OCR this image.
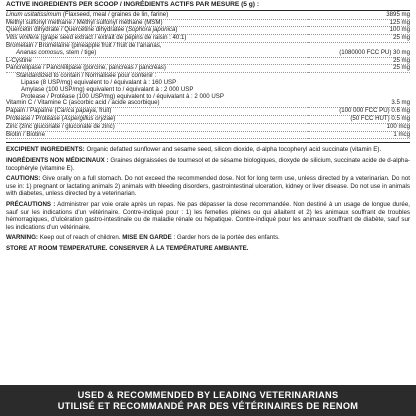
ACTIVE INGREDIENTS PER SCOOP / INGRÉDIENTS ACTIFS PAR MESURE (5 g) :
Linum usitatissimum (Flaxseed, meal / graines de lin, farine)	3895 mg
Methyl sulfonyl methane / Méthyl sulfonyl méthane (MSM)	125 mg
Quercetin dihydrate / Quercétine dihydratée (Sophora japonica)	100 mg
Vitis vinifera (grape seed extract / extrait de pépins de raisin : 40:1)	25 mg
Bromelain / Bromélaïne (pineapple fruit / fruit de l’ananas,	
Ananas comosus, stem / tige)	(1080000 FCC PU) 30 mg
L-Cystine	25 mg
Pancrelipase / Pancrélipase (porcine, pancreas / pancréas)	25 mg
Standardized to contain / Normalisée pour contenir :	
Lipase (8 USP/mg) equivalent to / équivalant à : 160 USP	
Amylase (100 USP/mg) equivalent to / équivalant à : 2 000 USP	
Protease / Protéase (100 USP/mg) equivalent to / équivalant à : 2 000 USP	
Vitamin C / Vitamine C (ascorbic acid / acide ascorbique)	3.5 mg
Papain / Papaïne (Carica papaya, fruit)	(100 000 FCC PU) 0.6 mg
Protease / Protéase (Aspergillus oryzae)	(50 FCC HUT) 0.5 mg
Zinc (zinc gluconate / gluconate de zinc)	100 mcg
Biotin / Biotine	1 mcg
EXCIPIENT INGREDIENTS: Organic defatted sunflower and sesame seed, silicon dioxide, d-alpha tocopheryl acid succinate (vitamin E).
INGRÉDIENTS NON MÉDICINAUX : Graines dégraissées de tournesol et de sésame biologiques, dioxyde de silicium, succinate acide de d-alpha-tocophéryle (vitamine E).
CAUTIONS: Give orally on a full stomach. Do not exceed the recommended dose. Not for long term use, unless directed by a veterinarian. Do not use in: 1) pregnant or lactating animals 2) animals with bleeding disorders, gastrointestinal ulceration, kidney or liver disease. Do not use in animals with diabetes, unless directed by a veterinarian.
PRÉCAUTIONS : Administrer par voie orale après un repas. Ne pas dépasser la dose recommandée. Non destiné à un usage de longue durée, sauf sur les indications d’un vétérinaire. Contre-indiqué pour : 1) les femelles pleines ou qui allaitent et 2) les animaux souffrant de troubles hémorragiques, d’ulcération gastro-intestinale ou de maladie rénale ou hépatique. Contre-indiqué pour les animaux souffrant de diabète, sauf sur les indications d’un vétérinaire.
WARNING: Keep out of reach of children. MISE EN GARDE : Garder hors de la portée des enfants.
STORE AT ROOM TEMPERATURE. CONSERVER À LA TEMPÉRATURE AMBIANTE.
USED & RECOMMENDED BY LEADING VETERINARIANS
UTILISÉ ET RECOMMANDÉ PAR DES VÉTÉRINAIRES DE RENOM
